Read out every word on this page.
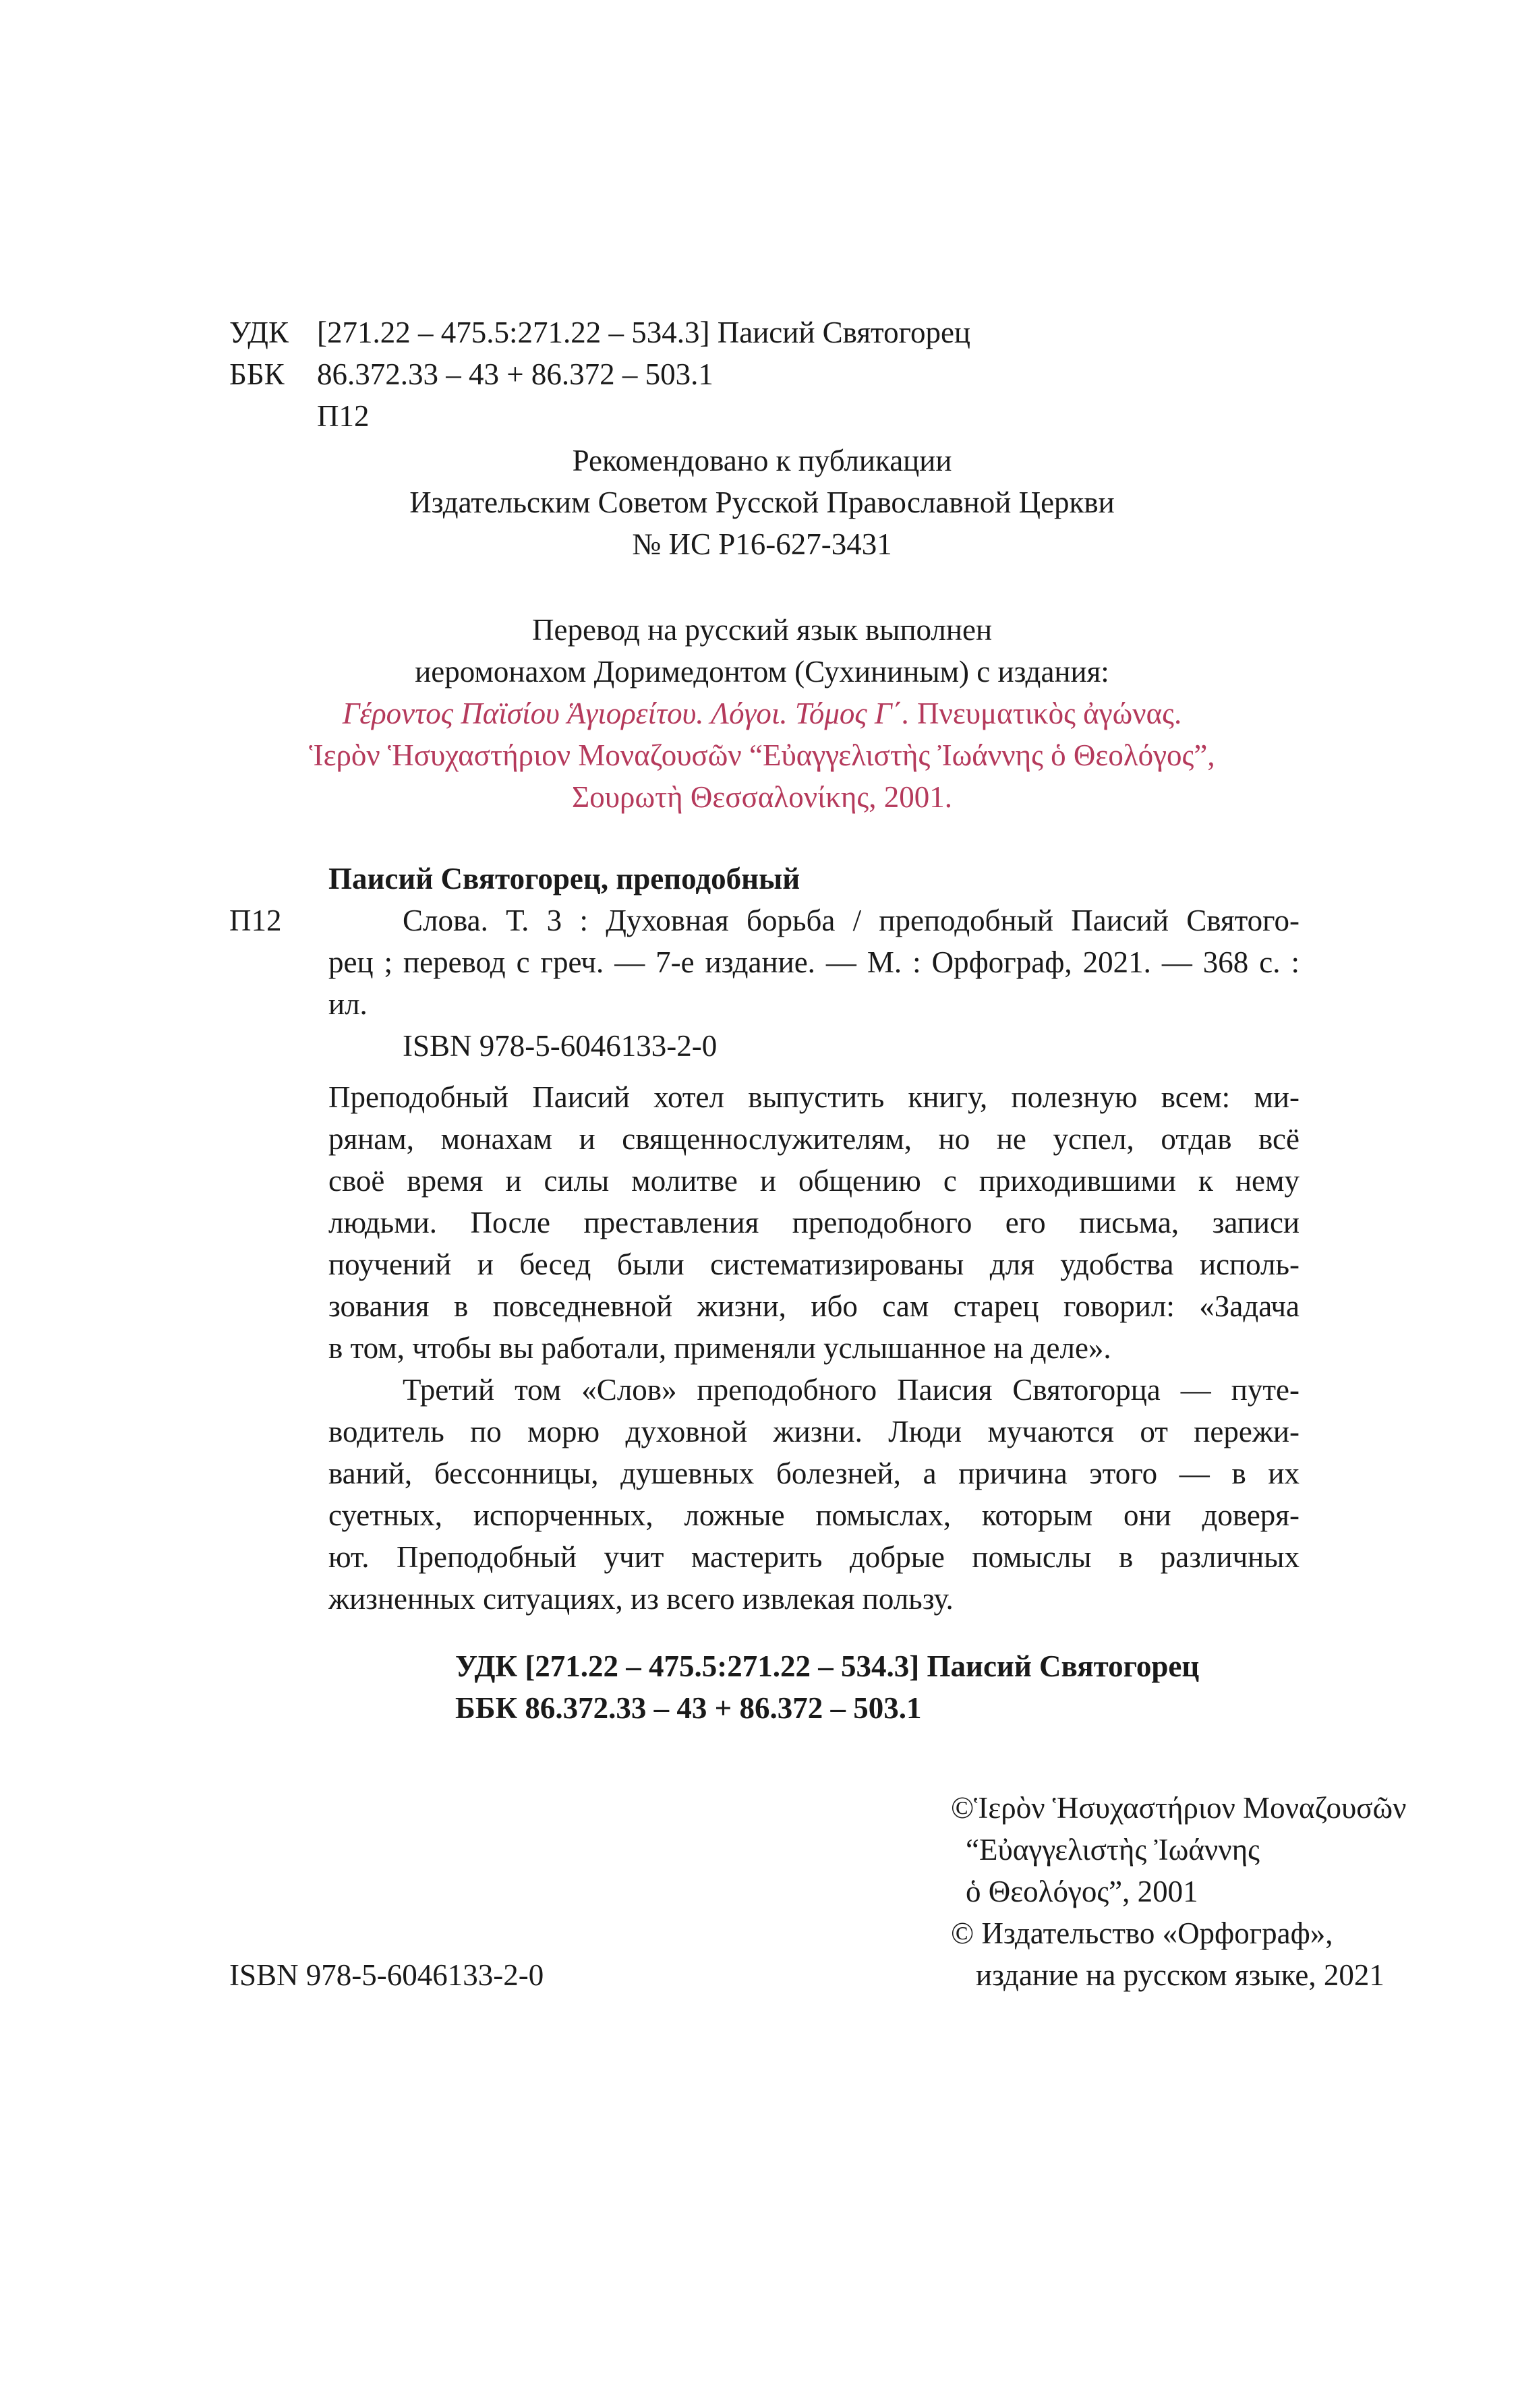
УДК [271.22 – 475.5:271.22 – 534.3] Паисий Святогорец
ББК 86.372.33 – 43 + 86.372 – 503.1
П12
Рекомендовано к публикации
Издательским Советом Русской Православной Церкви
№ ИС Р16-627-3431
Перевод на русский язык выполнен
иеромонахом Доримедонтом (Сухининым) с издания:
Γέροντος Παϊσίου Ἁγιορείτου. Λόγοι. Τόμος Γ΄. Πνευματικὸς ἀγώνας.
Ἱερὸν Ἡσυχαστήριον Μοναζουσῶν “Εὐαγγελιστὴς Ἰωάννης ὁ Θεολόγος”,
Σουρωτὴ Θεσσαλονίκης, 2001.
Паисий Святогорец, преподобный
П12	Слова. Т. 3 : Духовная борьба / преподобный Паисий Святого-
рец ; перевод с греч. — 7-е издание. — М. : Орфограф, 2021. — 368 с. :
ил.
ISBN 978-5-6046133-2-0
Преподобный Паисий хотел выпустить книгу, полезную всем: ми-
рянам, монахам и священнослужителям, но не успел, отдав всё
своё время и силы молитве и общению с приходившими к нему
людьми. После преставления преподобного его письма, записи
поучений и бесед были систематизированы для удобства исполь-
зования в повседневной жизни, ибо сам старец говорил: «Задача
в том, чтобы вы работали, применяли услышанное на деле».
Третий том «Слов» преподобного Паисия Святогорца — путе-
водитель по морю духовной жизни. Люди мучаются от пережи-
ваний, бессонницы, душевных болезней, а причина этого — в их
суетных, испорченных, ложные помыслах, которым они доверя-
ют. Преподобный учит мастерить добрые помыслы в различных
жизненных ситуациях, из всего извлекая пользу.
УДК [271.22 – 475.5:271.22 – 534.3] Паисий Святогорец
ББК 86.372.33 – 43 + 86.372 – 503.1
©Ἱερὸν Ἡσυχαστήριον Μοναζουσῶν
“Εὐαγγελιστὴς Ἰωάννης
ὁ Θεολόγος”, 2001
© Издательство «Орфограф»,
издание на русском языке, 2021
ISBN 978-5-6046133-2-0
